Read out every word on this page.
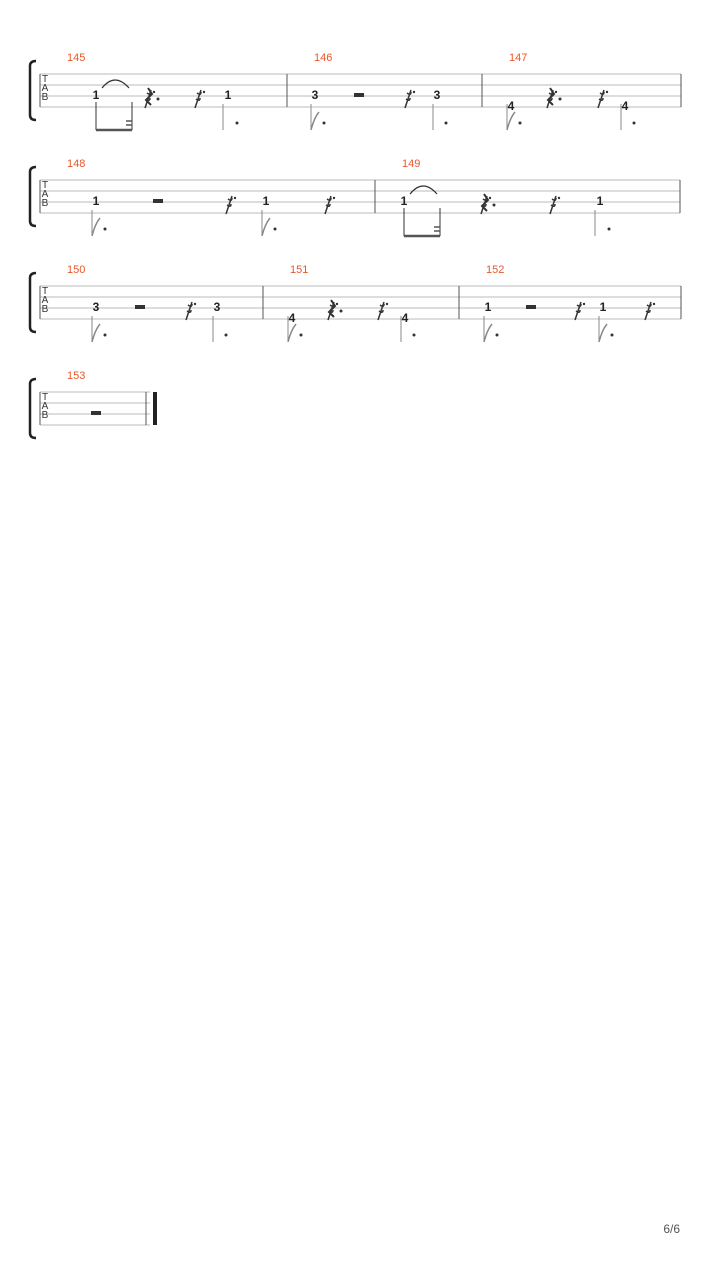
T
A
B
145
1	1
146
3	3
147
4	4
T
A
B
148
1	1
149
1	1
T
A
B
150
3	3
151
4	4
152
1	1
T
A
B
153
6/6
